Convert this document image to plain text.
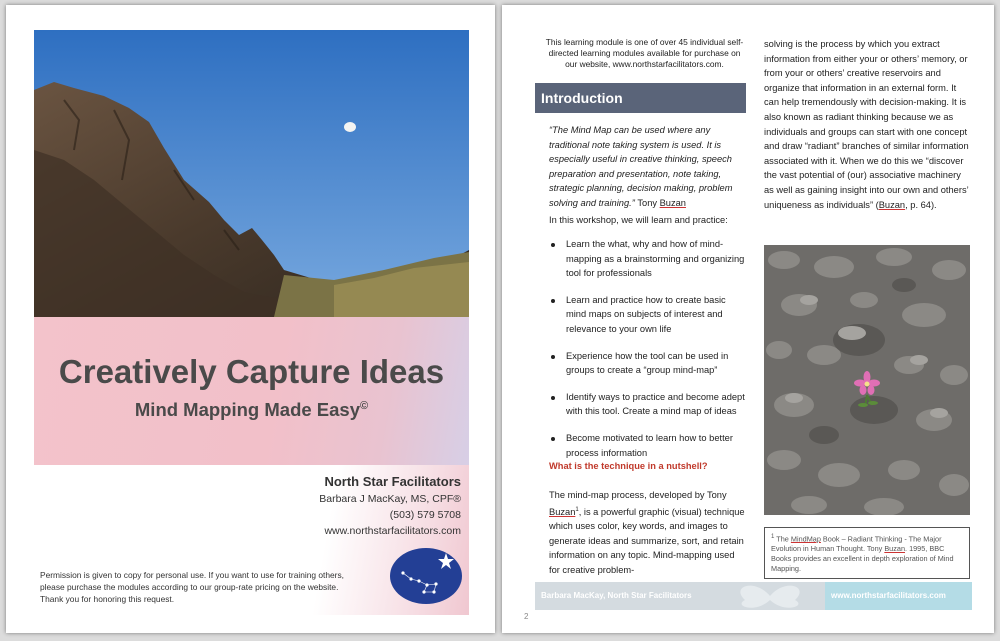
Creatively Capture Ideas
Mind Mapping Made Easy©
North Star Facilitators
Barbara J MacKay, MS, CPF®
(503) 579 5708
www.northstarfacilitators.com
Permission is given to copy for personal use. If you want to use for training others, please purchase the modules according to our group-rate pricing on the website. Thank you for honoring this request.
This learning module is one of over 45 individual self-directed learning modules available for purchase on our website, www.northstarfacilitators.com.
Introduction
“The Mind Map can be used where any traditional note taking system is used. It is especially useful in creative thinking, speech preparation and presentation, note taking, strategic planning, decision making, problem solving and training.” Tony Buzan
In this workshop, we will learn and practice:
Learn the what, why and how of mind-mapping as a brainstorming and organizing tool for professionals
Learn and practice how to create basic mind maps on subjects of interest and relevance to your own life
Experience how the tool can be used in groups to create a “group mind-map”
Identify ways to practice and become adept with this tool. Create a mind map of ideas
Become motivated to learn how to better process information
What is the technique in a nutshell?
The mind-map process, developed by Tony Buzan$^1$, is a powerful graphic (visual) technique which uses color, key words, and images to generate ideas and summarize, sort, and retain information on any topic. Mind-mapping used for creative problem-
solving is the process by which you extract information from either your or others’ memory, or from your or others’ creative reservoirs and organize that information in an external form. It can help tremendously with decision-making. It is also known as radiant thinking because we as individuals and groups can start with one concept and draw “radiant” branches of similar information associated with it. When we do this we “discover the vast potential of (our) associative machinery as well as gaining insight into our own and others’ uniqueness as individuals” (Buzan, p. 64).
$^1$ The MindMap Book – Radiant Thinking - The Major Evolution in Human Thought. Tony Buzan. 1995, BBC Books provides an excellent in depth exploration of Mind Mapping.
Barbara MacKay, North Star Facilitators	www.northstarfacilitators.com
2
